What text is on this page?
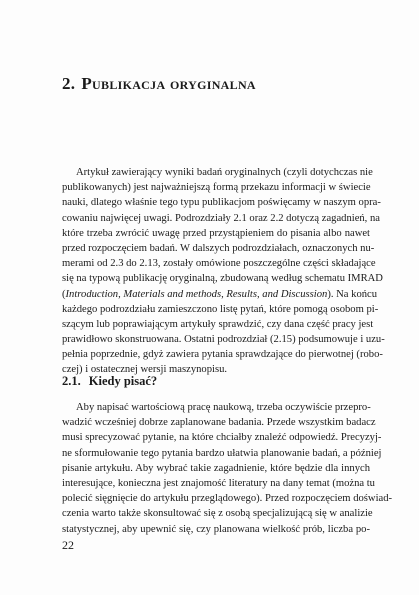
2. Publikacja oryginalna
Artykuł zawierający wyniki badań oryginalnych (czyli dotychczas nie
publikowanych) jest najważniejszą formą przekazu informacji w świecie
nauki, dlatego właśnie tego typu publikacjom poświęcamy w naszym opra-
cowaniu najwięcej uwagi. Podrozdziały 2.1 oraz 2.2 dotyczą zagadnień, na
które trzeba zwrócić uwagę przed przystąpieniem do pisania albo nawet
przed rozpoczęciem badań. W dalszych podrozdziałach, oznaczonych nu-
merami od 2.3 do 2.13, zostały omówione poszczególne części składające
się na typową publikację oryginalną, zbudowaną według schematu IMRAD
(Introduction, Materials and methods, Results, and Discussion). Na końcu
każdego podrozdziału zamieszczono listę pytań, które pomogą osobom pi-
szącym lub poprawiającym artykuły sprawdzić, czy dana część pracy jest
prawidłowo skonstruowana. Ostatni podrozdział (2.15) podsumowuje i uzu-
pełnia poprzednie, gdyż zawiera pytania sprawdzające do pierwotnej (robo-
czej) i ostatecznej wersji maszynopisu.
2.1. Kiedy pisać?
Aby napisać wartościową pracę naukową, trzeba oczywiście przepro-
wadzić wcześniej dobrze zaplanowane badania. Przede wszystkim badacz
musi sprecyzować pytanie, na które chciałby znaleźć odpowiedź. Precyzyj-
ne sformułowanie tego pytania bardzo ułatwia planowanie badań, a później
pisanie artykułu. Aby wybrać takie zagadnienie, które będzie dla innych
interesujące, konieczna jest znajomość literatury na dany temat (można tu
polecić sięgnięcie do artykułu przeglądowego). Przed rozpoczęciem doświad-
czenia warto także skonsultować się z osobą specjalizującą się w analizie
statystycznej, aby upewnić się, czy planowana wielkość prób, liczba po-
22
